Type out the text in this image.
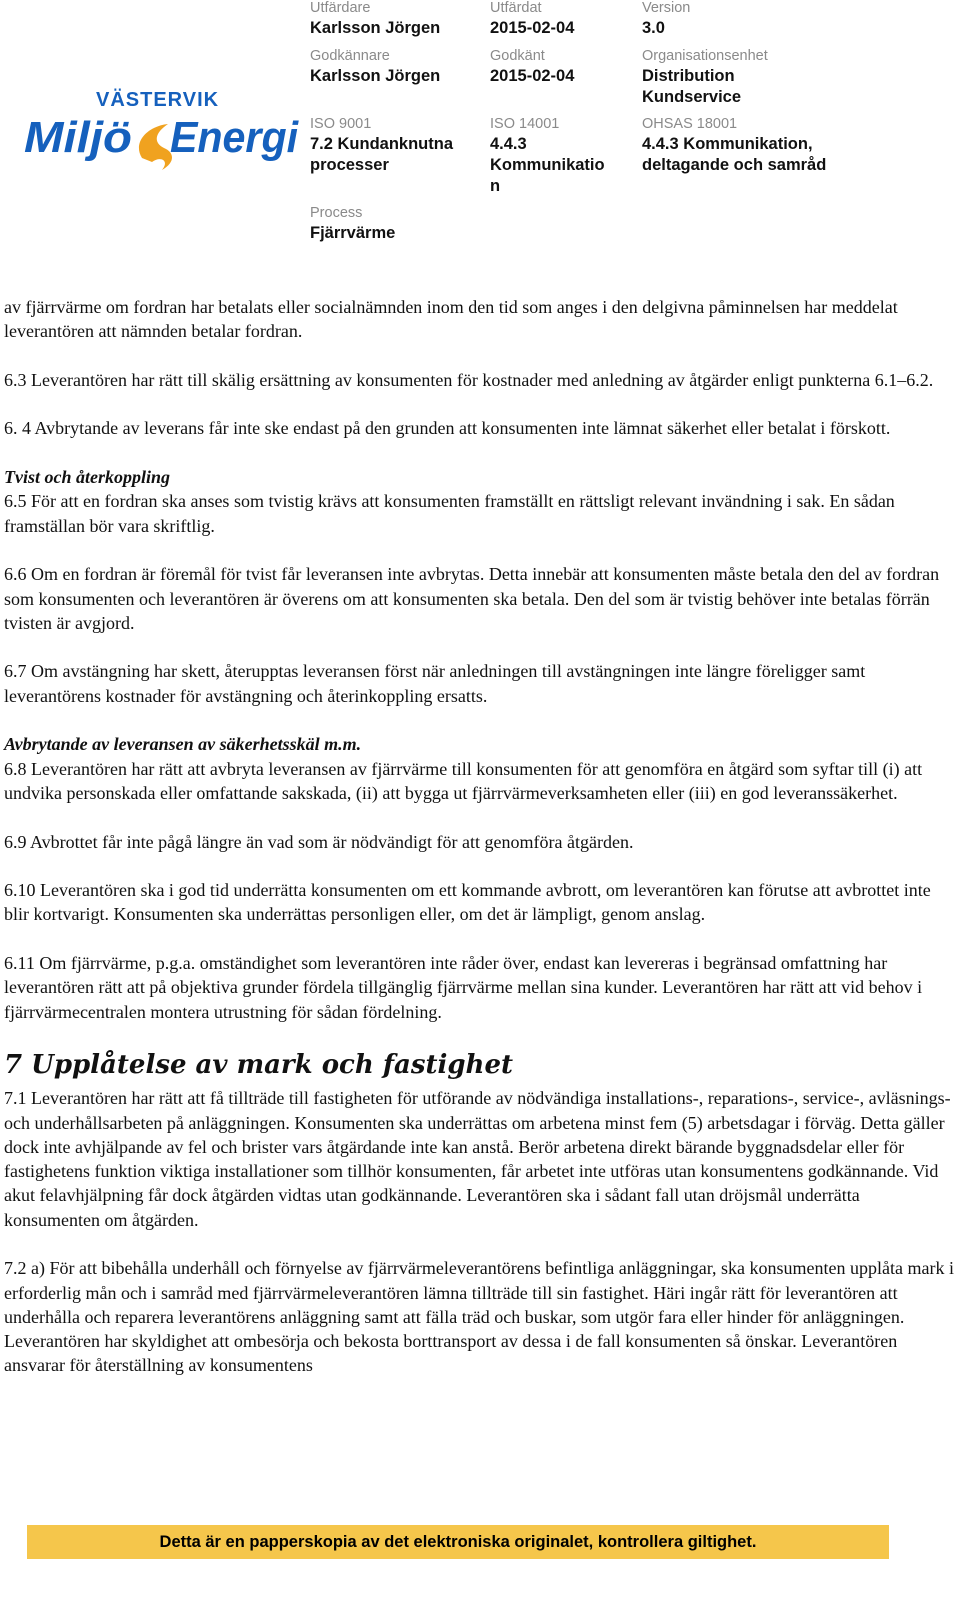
VÄSTERVIK
Miljö Energi
Utfärdare
Karlsson Jörgen
Utfärdat
2015-02-04
Version
3.0
Godkännare
Karlsson Jörgen
Godkänt
2015-02-04
Organisationsenhet
Distribution
Kundservice
ISO 9001
7.2 Kundanknutna
processer
ISO 14001
4.4.3
Kommunikatio
n
OHSAS 18001
4.4.3 Kommunikation,
deltagande och samråd
Process
Fjärrvärme

av fjärrvärme om fordran har betalats eller socialnämnden inom den tid som anges i den delgivna påminnelsen har meddelat leverantören att nämnden betalar fordran.

6.3 Leverantören har rätt till skälig ersättning av konsumenten för kostnader med anledning av åtgärder enligt punkterna 6.1–6.2.

6. 4 Avbrytande av leverans får inte ske endast på den grunden att konsumenten inte lämnat säkerhet eller betalat i förskott.

Tvist och återkoppling

6.5 För att en fordran ska anses som tvistig krävs att konsumenten framställt en rättsligt relevant invändning i sak. En sådan framställan bör vara skriftlig.

6.6 Om en fordran är föremål för tvist får leveransen inte avbrytas. Detta innebär att konsumenten måste betala den del av fordran som konsumenten och leverantören är överens om att konsumenten ska betala. Den del som är tvistig behöver inte betalas förrän tvisten är avgjord.

6.7 Om avstängning har skett, återupptas leveransen först när anledningen till avstängningen inte längre föreligger samt leverantörens kostnader för avstängning och återinkoppling ersatts.

Avbrytande av leveransen av säkerhetsskäl m.m.

6.8 Leverantören har rätt att avbryta leveransen av fjärrvärme till konsumenten för att genomföra en åtgärd som syftar till (i) att undvika personskada eller omfattande sakskada, (ii) att bygga ut fjärrvärmeverksamheten eller (iii) en god leveranssäkerhet.

6.9 Avbrottet får inte pågå längre än vad som är nödvändigt för att genomföra åtgärden.

6.10 Leverantören ska i god tid underrätta konsumenten om ett kommande avbrott, om leverantören kan förutse att avbrottet inte blir kortvarigt. Konsumenten ska underrättas personligen eller, om det är lämpligt, genom anslag.

6.11 Om fjärrvärme, p.g.a. omständighet som leverantören inte råder över, endast kan levereras i begränsad omfattning har leverantören rätt att på objektiva grunder fördela tillgänglig fjärrvärme mellan sina kunder. Leverantören har rätt att vid behov i fjärrvärmecentralen montera utrustning för sådan fördelning.

7 Upplåtelse av mark och fastighet

7.1 Leverantören har rätt att få tillträde till fastigheten för utförande av nödvändiga installations-, reparations-, service-, avläsnings- och underhållsarbeten på anläggningen. Konsumenten ska underrättas om arbetena minst fem (5) arbetsdagar i förväg. Detta gäller dock inte avhjälpande av fel och brister vars åtgärdande inte kan anstå. Berör arbetena direkt bärande byggnadsdelar eller för fastighetens funktion viktiga installationer som tillhör konsumenten, får arbetet inte utföras utan konsumentens godkännande. Vid akut felavhjälpning får dock åtgärden vidtas utan godkännande. Leverantören ska i sådant fall utan dröjsmål underrätta konsumenten om åtgärden.

7.2 a) För att bibehålla underhåll och förnyelse av fjärrvärmeleverantörens befintliga anläggningar, ska konsumenten upplåta mark i erforderlig mån och i samråd med fjärrvärmeleverantören lämna tillträde till sin fastighet. Häri ingår rätt för leverantören att underhålla och reparera leverantörens anläggning samt att fälla träd och buskar, som utgör fara eller hinder för anläggningen. Leverantören har skyldighet att ombesörja och bekosta borttransport av dessa i de fall konsumenten så önskar. Leverantören ansvarar för återställning av konsumentens

Detta är en papperskopia av det elektroniska originalet, kontrollera giltighet.
